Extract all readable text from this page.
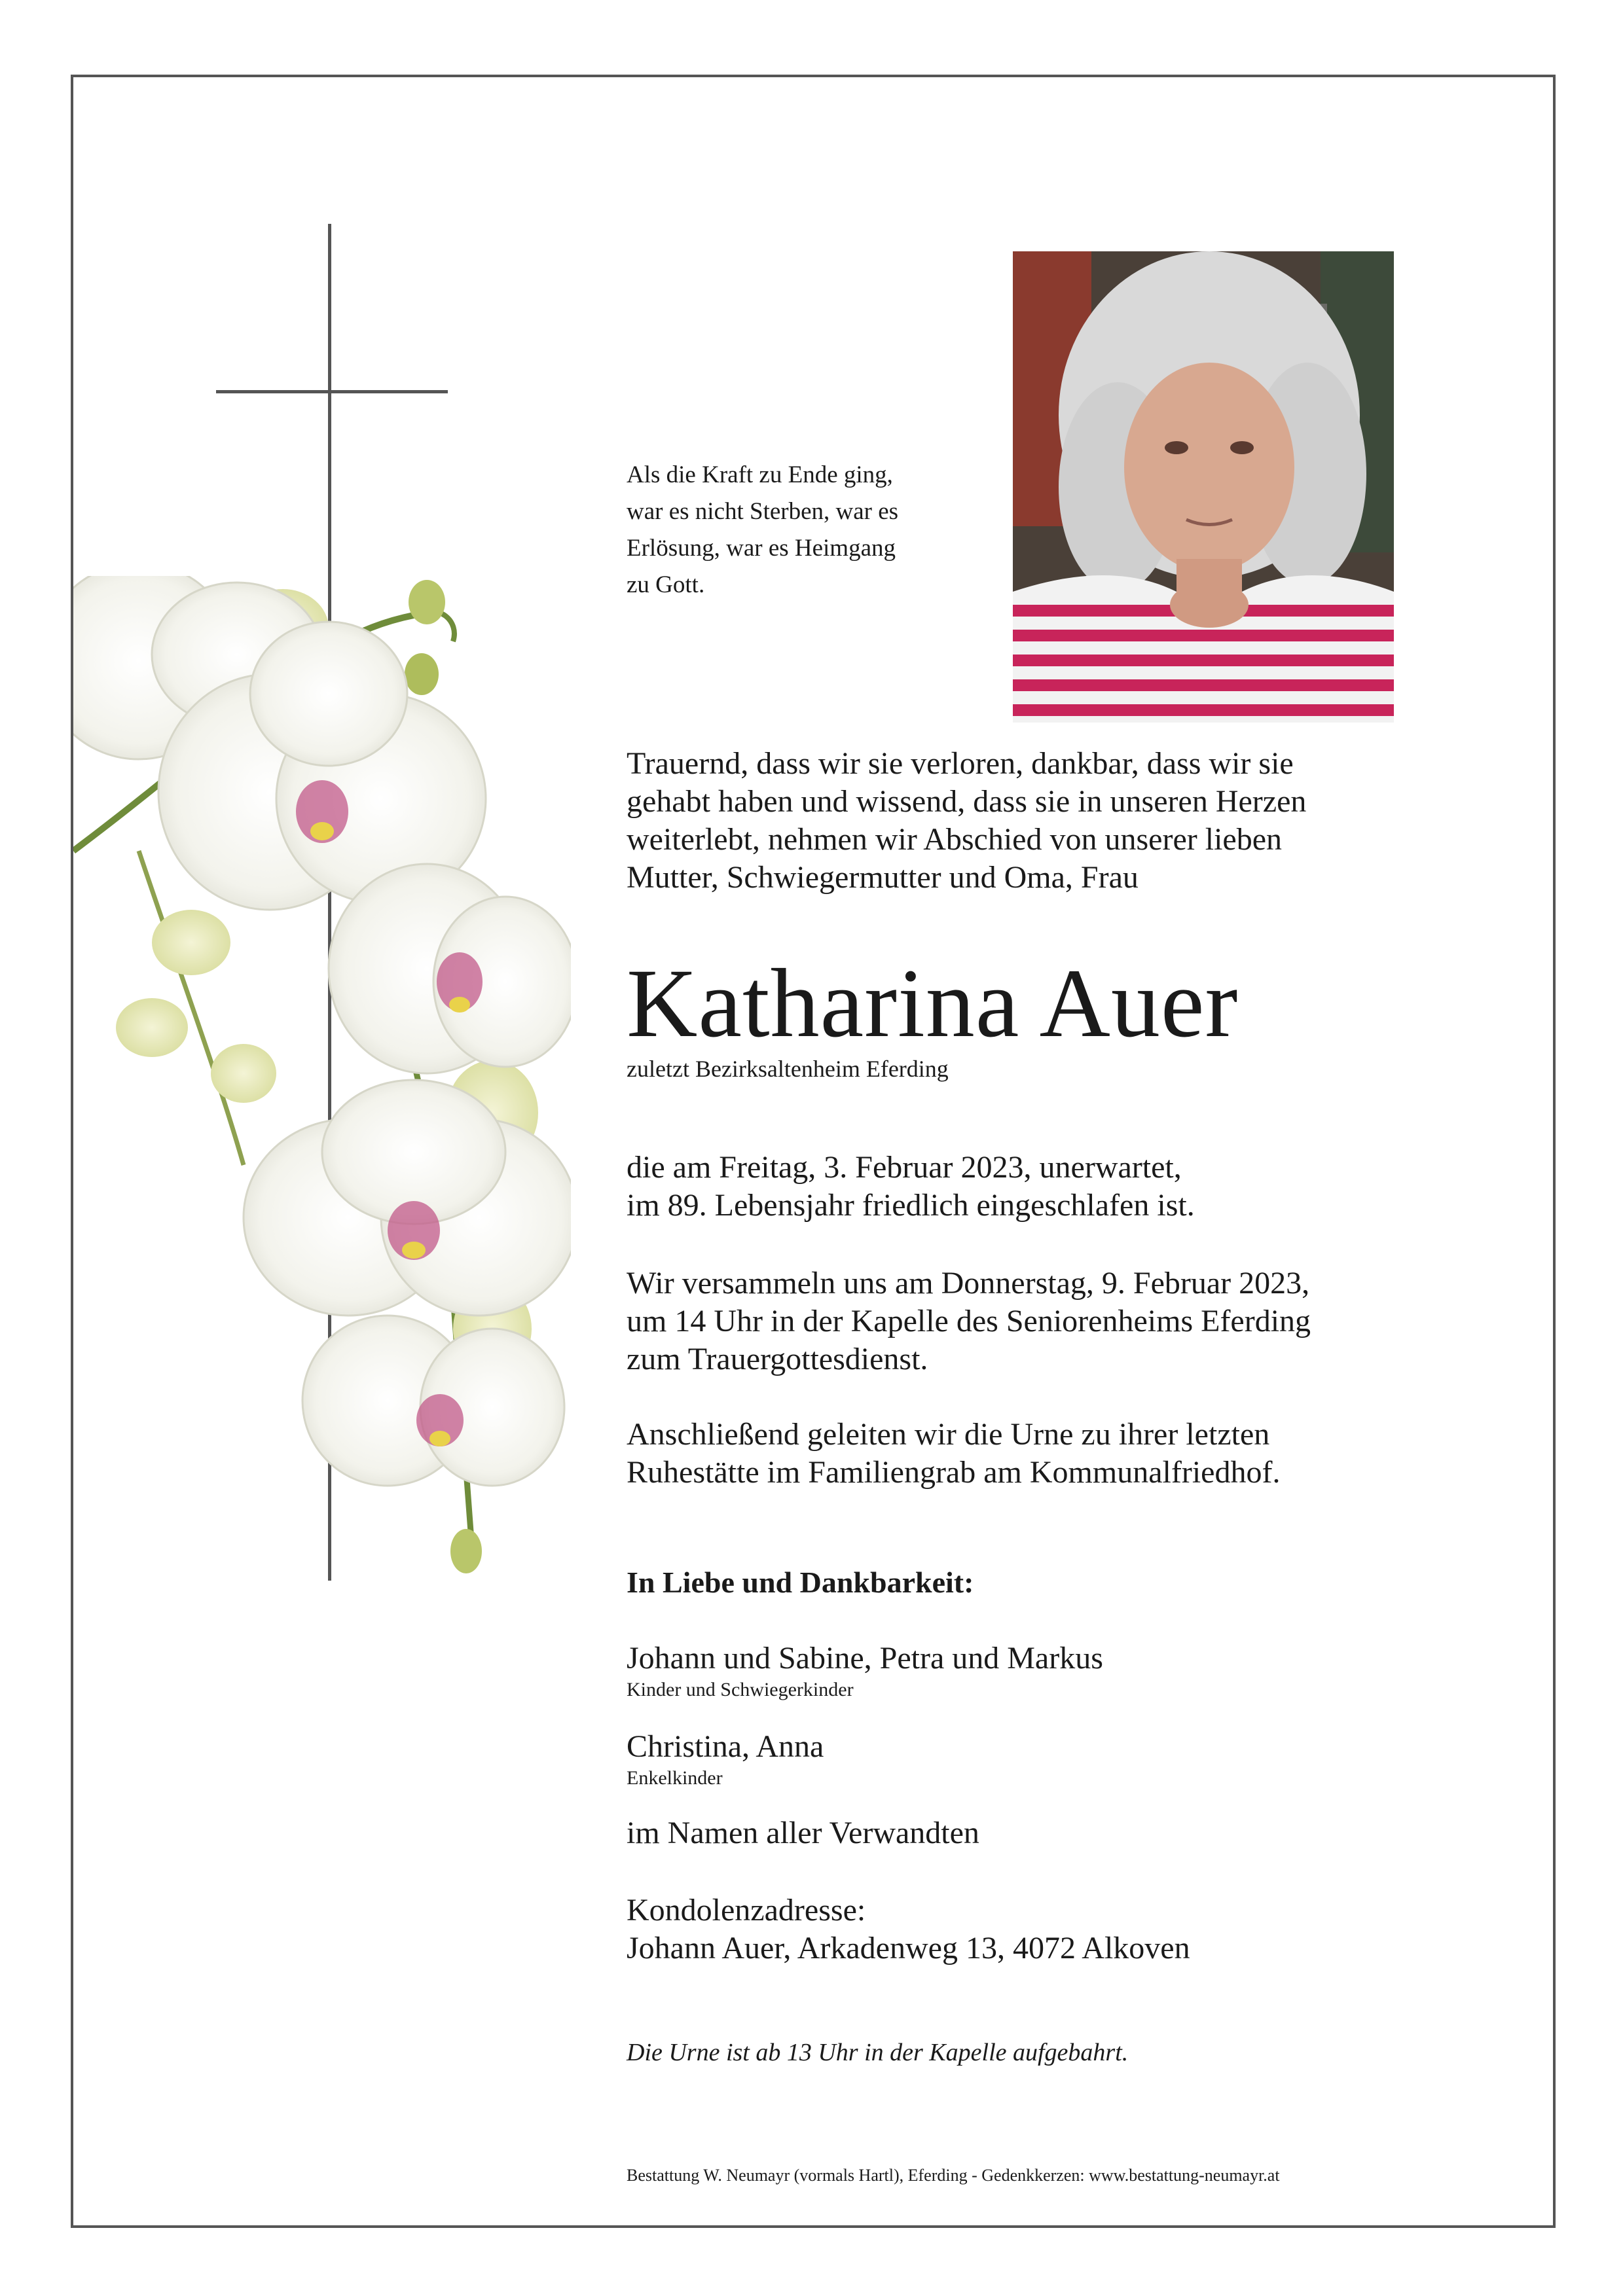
Als die Kraft zu Ende ging,
war es nicht Sterben, war es
Erlösung, war es Heimgang
zu Gott.
Trauernd, dass wir sie verloren, dankbar, dass wir sie
gehabt haben und wissend, dass sie in unseren Herzen
weiterlebt, nehmen wir Abschied von unserer lieben
Mutter, Schwiegermutter und Oma, Frau
Katharina Auer
zuletzt Bezirksaltenheim Eferding
die am Freitag, 3. Februar 2023, unerwartet,
im 89. Lebensjahr friedlich eingeschlafen ist.
Wir versammeln uns am Donnerstag, 9. Februar 2023,
um 14 Uhr in der Kapelle des Seniorenheims Eferding
zum Trauergottesdienst.
Anschließend geleiten wir die Urne zu ihrer letzten
Ruhestätte im Familiengrab am Kommunalfriedhof.
In Liebe und Dankbarkeit:
Johann und Sabine, Petra und Markus
Kinder und Schwiegerkinder
Christina, Anna
Enkelkinder
im Namen aller Verwandten
Kondolenzadresse:
Johann Auer, Arkadenweg 13, 4072 Alkoven
Die Urne ist ab 13 Uhr in der Kapelle aufgebahrt.
Bestattung W. Neumayr (vormals Hartl), Eferding - Gedenkkerzen: www.bestattung-neumayr.at
